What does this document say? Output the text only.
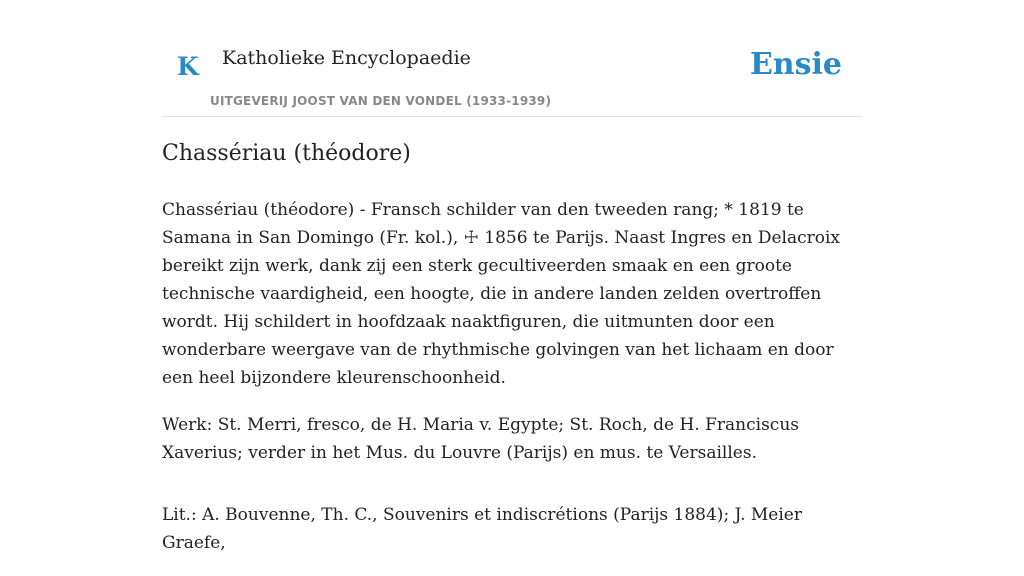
K Katholieke Encyclopaedie
UITGEVERIJ JOOST VAN DEN VONDEL (1933-1939)
Ensie
Chassériau (théodore)

Chassériau (théodore) - Fransch schilder van den tweeden rang; * 1819 te Samana in San Domingo (Fr. kol.), ☩ 1856 te Parijs. Naast Ingres en Delacroix bereikt zijn werk, dank zij een sterk gecultiveerden smaak en een groote technische vaardigheid, een hoogte, die in andere landen zelden overtroffen wordt. Hij schildert in hoofdzaak naaktfiguren, die uitmunten door een wonderbare weergave van de rhythmische golvingen van het lichaam en door een heel bijzondere kleurenschoonheid.

Werk: St. Merri, fresco, de H. Maria v. Egypte; St. Roch, de H. Franciscus Xaverius; verder in het Mus. du Louvre (Parijs) en mus. te Versailles.

Lit.: A. Bouvenne, Th. C., Souvenirs et indiscrétions (Parijs 1884); J. Meier Graefe,
